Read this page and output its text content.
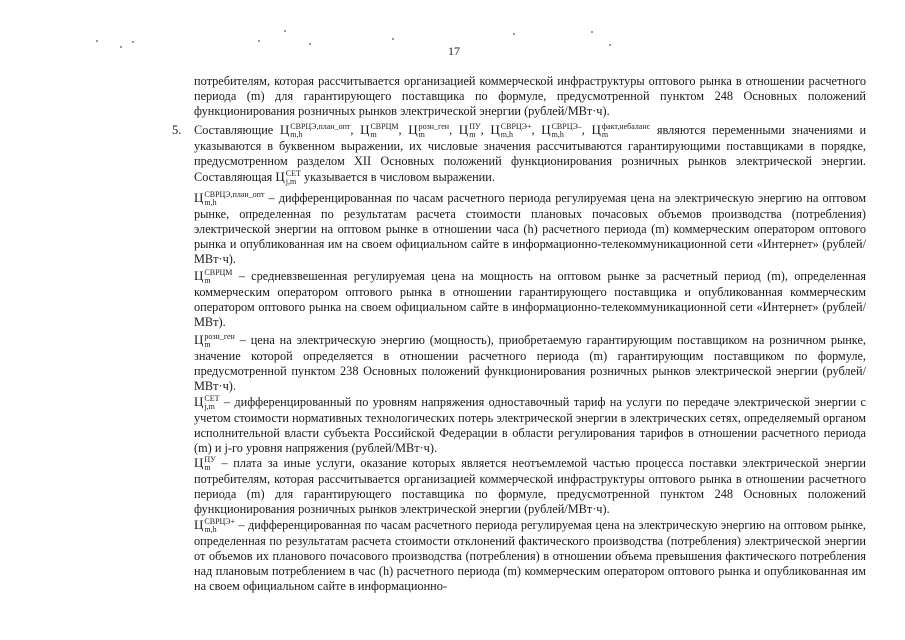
17
5.

потребителям, которая рассчитывается организацией коммерческой инфраструктуры оптового рынка в отношении расчетного периода (m) для гарантирующего поставщика по формуле, предусмотренной пунктом 248 Основных положений функционирования розничных рынков электрической энергии (рублей/МВт·ч).

Составляющие Ц СВРЦЭ,план_опт
m,h	, Ц СВРЦМ
m	, Ц розн_ген
m	, Ц ПУ
m , Ц СВРЦЭ+
m,h	, Ц СВРЦЭ–
m,h	, Ц факт,небаланс
m	являются переменными значениями и указываются в буквенном выражении, их числовые значения рассчитываются гарантирующими поставщиками в порядке, предусмотренном разделом XII Основных положений функционирования розничных рынков электрической энергии. Составляющая Ц СЕТ
j,m указывается в числовом выражении.

Ц СВРЦЭ,план_опт
m,h	– дифференцированная по часам расчетного периода регулируемая цена на электрическую энергию на оптовом рынке, определенная по результатам расчета стоимости плановых почасовых объемов производства (потребления) электрической энергии на оптовом рынке в отношении часа (h) расчетного периода (m) коммерческим оператором оптового рынка и опубликованная им на своем официальном сайте в информационно-телекоммуникационной сети «Интернет» (рублей/МВт·ч).

Ц СВРЦМ
m	– средневзвешенная регулируемая цена на мощность на оптовом рынке за расчетный период (m), определенная коммерческим оператором оптового рынка в отношении гарантирующего поставщика и опубликованная коммерческим оператором оптового рынка на своем официальном сайте в информационно-телекоммуникационной сети «Интернет» (рублей/МВт).

Ц розн_ген
m	– цена на электрическую энергию (мощность), приобретаемую гарантирующим поставщиком на розничном рынке, значение которой определяется в отношении расчетного периода (m) гарантирующим поставщиком по формуле, предусмотренной пунктом 238 Основных положений функционирования розничных рынков электрической энергии (рублей/МВт·ч).

Ц СЕТ
j,m – дифференцированный по уровням напряжения одноставочный тариф на услуги по передаче электрической энергии с учетом стоимости нормативных технологических потерь электрической энергии в электрических сетях, определяемый органом исполнительной власти субъекта Российской Федерации в области регулирования тарифов в отношении расчетного периода (m) и j-го уровня напряжения (рублей/МВт·ч).

Ц ПУ
m – плата за иные услуги, оказание которых является неотъемлемой частью процесса поставки электрической энергии потребителям, которая рассчитывается организацией коммерческой инфраструктуры оптового рынка в отношении расчетного периода (m) для гарантирующего поставщика по формуле, предусмотренной пунктом 248 Основных положений функционирования розничных рынков электрической энергии (рублей/МВт·ч).

Ц СВРЦЭ+
m,h	– дифференцированная по часам расчетного периода регулируемая цена на электрическую энергию на оптовом рынке, определенная по результатам расчета стоимости отклонений фактического производства (потребления) электрической энергии от объемов их планового почасового производства (потребления) в отношении объема превышения фактического потребления над плановым потреблением в час (h) расчетного периода (m) коммерческим оператором оптового рынка и опубликованная им на своем официальном сайте в информационно-
